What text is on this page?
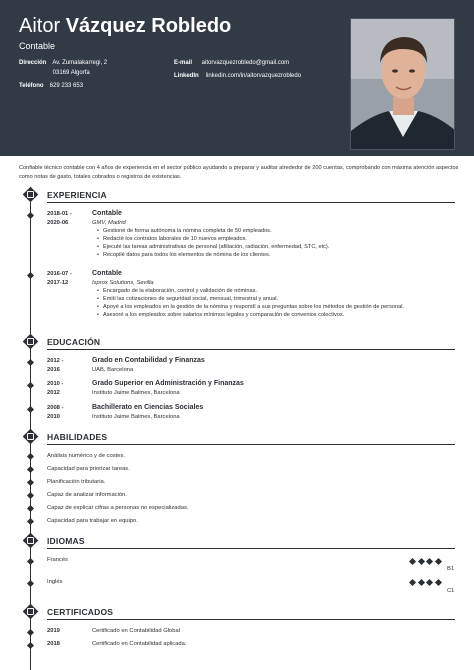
Aitor Vázquez Robledo
Contable
Dirección Av. Zumalakarregi, 2
03169 Algorfa
Teléfono 629 233 653
E-mail aitorvazquezrobledo@gmail.com
LinkedIn linkedin.com/in/aitorvazquezrobledo
Confiable técnico contable con 4 años de experiencia en el sector público ayudando a preparar y auditar alrededor de 200 cuentas, comprobando con máxima atención aspectos como notas de gasto, totales cobrados o registros de existencias.
EXPERIENCIA
2018-01 -
2020-06
Contable
GMV, Madrid
• Gestioné de forma autónoma la nómina completa de 50 empleados.
• Redacté los contratos laborales de 10 nuevos empleados.
• Ejecuté las tareas administrativas de personal (afiliación, radiación, enfermedad, STC, etc).
• Recopilé datos para todos los elementos de nómina de los clientes.
2016-07 -
2017-12
Contable
Isprox Solutions, Sevilla
• Encargado de la elaboración, control y validación de nóminas.
• Emití las cotizaciones de seguridad social, mensual, trimestral y anual.
• Apoyé a los empleados en la gestión de la nómina y respondí a sus preguntas sobre los métodos de gestión de personal.
• Asesoré a los empleados sobre salarios mínimos legales y comparación de convenios colectivos.
EDUCACIÓN
2012 -
2016
Grado en Contabilidad y Finanzas
UAB, Barcelona
2010 -
2012
Grado Superior en Administración y Finanzas
Instituto Jaime Balmes, Barcelona
2008 -
2010
Bachillerato en Ciencias Sociales
Instituto Jaime Balmes, Barcelona
HABILIDADES
Análisis numérico y de costes.
Capacidad para priorizar tareas.
Planificación tributaria.
Capaz de analizar información.
Capaz de explicar cifras a personas no especializadas.
Capacidad para trabajar en equipo.
IDIOMAS
Francés
B1
Inglés
C1
CERTIFICADOS
2019	Certificado en Contabilidad Global
2018	Certificado en Contabilidad aplicada.
